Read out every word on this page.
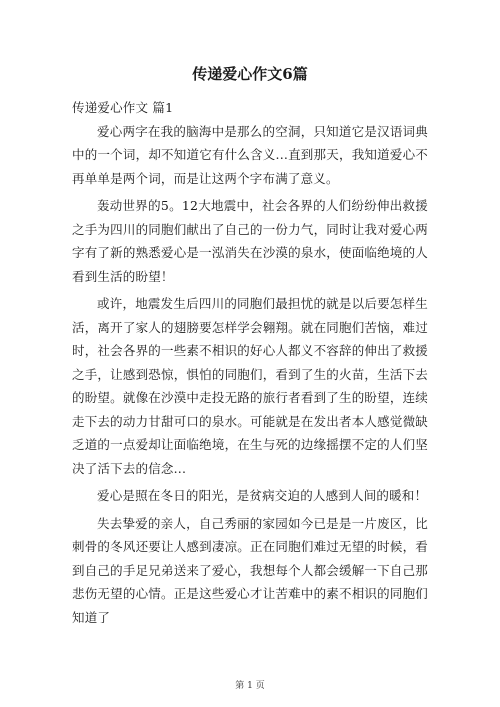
传递爱心作文6篇

传递爱心作文 篇1

爱心两字在我的脑海中是那么的空洞，只知道它是汉语词典中的一个词，却不知道它有什么含义...直到那天，我知道爱心不再单单是两个词，而是让这两个字布满了意义。

轰动世界的5。12大地震中，社会各界的人们纷纷伸出救援之手为四川的同胞们献出了自己的一份力气，同时让我对爱心两字有了新的熟悉爱心是一泓消失在沙漠的泉水，使面临绝境的人看到生活的盼望！

或许，地震发生后四川的同胞们最担忧的就是以后要怎样生活，离开了家人的翅膀要怎样学会翱翔。就在同胞们苦恼，难过时，社会各界的一些素不相识的好心人都义不容辞的伸出了救援之手，让感到恐惊，惧怕的同胞们，看到了生的火苗，生活下去的盼望。就像在沙漠中走投无路的旅行者看到了生的盼望，连续走下去的动力甘甜可口的泉水。可能就是在发出者本人感觉微缺乏道的一点爱却让面临绝境，在生与死的边缘摇摆不定的人们坚决了活下去的信念...

爱心是照在冬日的阳光，是贫病交迫的人感到人间的暖和！

失去挚爱的亲人，自己秀丽的家园如今已是是一片废区，比刺骨的冬风还要让人感到凄凉。正在同胞们难过无望的时候，看到自己的手足兄弟送来了爱心，我想每个人都会缓解一下自己那悲伤无望的心情。正是这些爱心才让苦难中的素不相识的同胞们知道了

第 1 页
